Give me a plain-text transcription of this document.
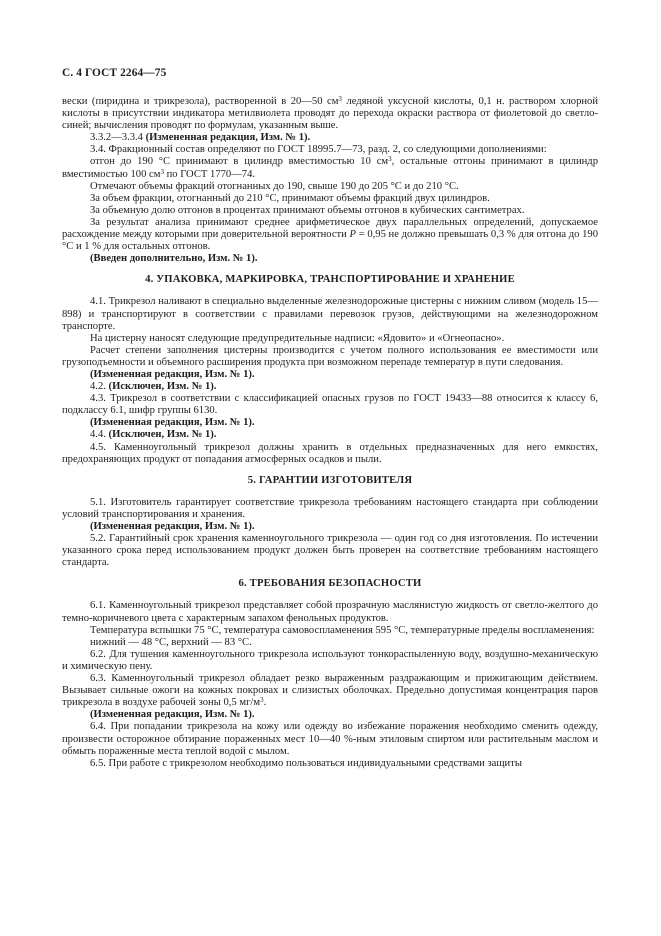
С. 4 ГОСТ 2264—75

вески (пиридина и трикрезола), растворенной в 20—50 $см^3$ ледяной уксусной кислоты, 0,1 н. раствором хлорной кислоты в присутствии индикатора метилвиолета проводят до перехода окраски раствора от фиолетовой до светло-синей; вычисления проводят по формулам, указанным выше.

3.3.2—3.3.4 (Измененная редакция, Изм. № 1).

3.4. Фракционный состав определяют по ГОСТ 18995.7—73, разд. 2, со следующими дополнениями:

отгон до 190 °С принимают в цилиндр вместимостью 10 $см^3$, остальные отгоны принимают в цилиндр вместимостью 100 $см^3$ по ГОСТ 1770—74.

Отмечают объемы фракций отогнанных до 190, свыше 190 до 205 °С и до 210 °С.

За объем фракции, отогнанный до 210 °С, принимают объемы фракций двух цилиндров.

За объемную долю отгонов в процентах принимают объемы отгонов в кубических сантиметрах.

За результат анализа принимают среднее арифметическое двух параллельных определений, допускаемое расхождение между которыми при доверительной вероятности Р = 0,95 не должно превышать 0,3 % для отгона до 190 °С и 1 % для остальных отгонов.

(Введен дополнительно, Изм. № 1).

4. УПАКОВКА, МАРКИРОВКА, ТРАНСПОРТИРОВАНИЕ И ХРАНЕНИЕ

4.1. Трикрезол наливают в специально выделенные железнодорожные цистерны с нижним сливом (модель 15—898) и транспортируют в соответствии с правилами перевозок грузов, действующими на железнодорожном транспорте.

На цистерну наносят следующие предупредительные надписи: «Ядовито» и «Огнеопасно».

Расчет степени заполнения цистерны производится с учетом полного использования ее вместимости или грузоподъемности и объемного расширения продукта при возможном перепаде температур в пути следования.

(Измененная редакция, Изм. № 1).

4.2. (Исключен, Изм. № 1).

4.3. Трикрезол в соответствии с классификацией опасных грузов по ГОСТ 19433—88 относится к классу 6, подклассу 6.1, шифр группы 6130.

(Измененная редакция, Изм. № 1).

4.4. (Исключен, Изм. № 1).

4.5. Каменноугольный трикрезол должны хранить в отдельных предназначенных для него емкостях, предохраняющих продукт от попадания атмосферных осадков и пыли.

5. ГАРАНТИИ ИЗГОТОВИТЕЛЯ

5.1. Изготовитель гарантирует соответствие трикрезола требованиям настоящего стандарта при соблюдении условий транспортирования и хранения.

(Измененная редакция, Изм. № 1).

5.2. Гарантийный срок хранения каменноугольного трикрезола — один год со дня изготовления. По истечении указанного срока перед использованием продукт должен быть проверен на соответствие требованиям настоящего стандарта.

6. ТРЕБОВАНИЯ БЕЗОПАСНОСТИ

6.1. Каменноугольный трикрезол представляет собой прозрачную маслянистую жидкость от светло-желтого до темно-коричневого цвета с характерным запахом фенольных продуктов.

Температура вспышки 75 °С, температура самовоспламенения 595 °С, температурные пределы воспламенения:

нижний — 48 °С, верхний — 83 °С.

6.2. Для тушения каменноугольного трикрезола используют тонкораспыленную воду, воздушно-механическую и химическую пену.

6.3. Каменноугольный трикрезол обладает резко выраженным раздражающим и прижигающим действием. Вызывает сильные ожоги на кожных покровах и слизистых оболочках. Предельно допустимая концентрация паров трикрезола в воздухе рабочей зоны 0,5 $мг/м^3$.

(Измененная редакция, Изм. № 1).

6.4. При попадании трикрезола на кожу или одежду во избежание поражения необходимо сменить одежду, произвести осторожное обтирание пораженных мест 10—40 %-ным этиловым спиртом или растительным маслом и обмыть пораженные места теплой водой с мылом.

6.5. При работе с трикрезолом необходимо пользоваться индивидуальными средствами защиты
